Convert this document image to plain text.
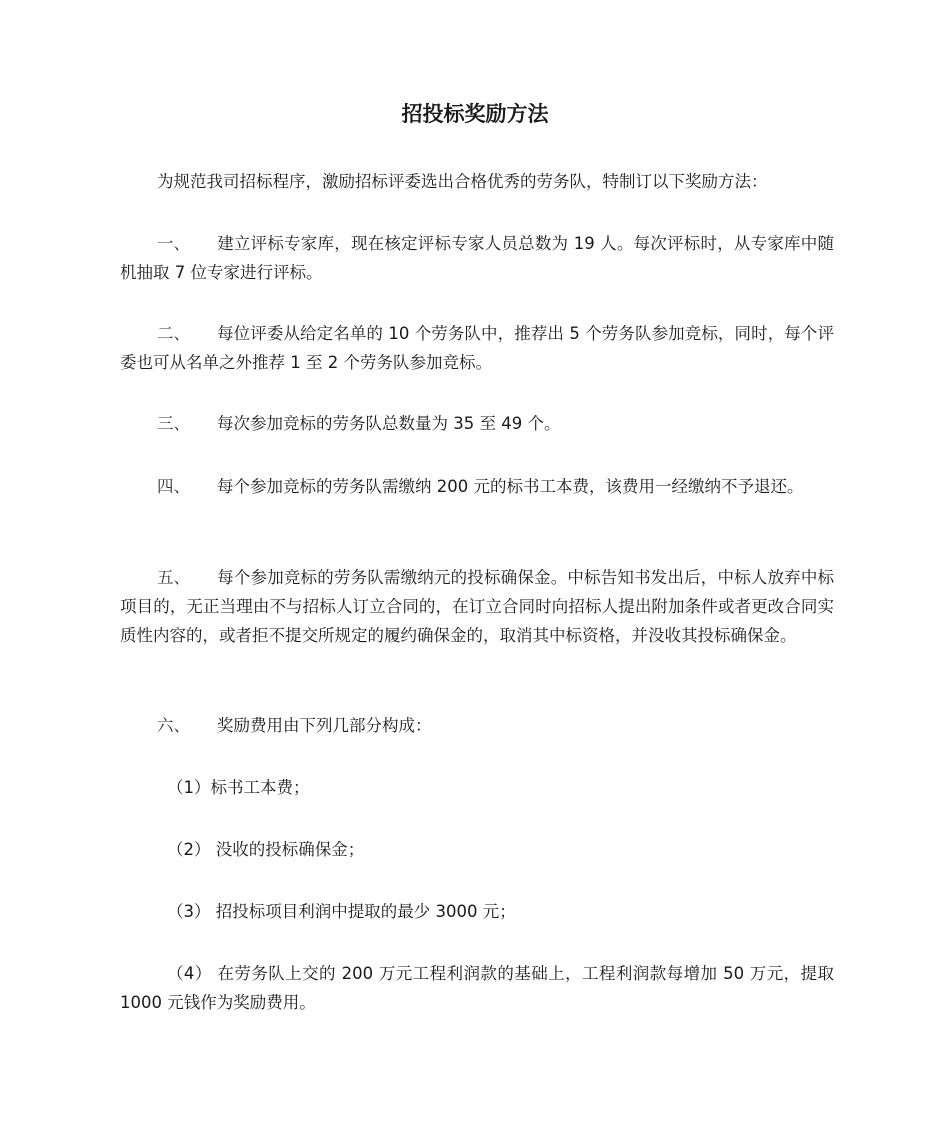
招投标奖励方法

为规范我司招标程序，激励招标评委选出合格优秀的劳务队，特制订以下奖励方法：

一、 建立评标专家库，现在核定评标专家人员总数为 19 人。每次评标时，从专家库中随机抽取 7 位专家进行评标。

二、 每位评委从给定名单的 10 个劳务队中，推荐出 5 个劳务队参加竞标，同时，每个评委也可从名单之外推荐 1 至 2 个劳务队参加竞标。

三、 每次参加竞标的劳务队总数量为 35 至 49 个。

四、 每个参加竞标的劳务队需缴纳 200 元的标书工本费，该费用一经缴纳不予退还。

五、 每个参加竞标的劳务队需缴纳元的投标确保金。中标告知书发出后，中标人放弃中标项目的，无正当理由不与招标人订立合同的，在订立合同时向招标人提出附加条件或者更改合同实质性内容的，或者拒不提交所规定的履约确保金的，取消其中标资格，并没收其投标确保金。

六、 奖励费用由下列几部分构成：

（1）标书工本费；

（2） 没收的投标确保金；

（3） 招投标项目利润中提取的最少 3000 元；

（4） 在劳务队上交的 200 万元工程利润款的基础上，工程利润款每增加 50 万元，提取 1000 元钱作为奖励费用。
